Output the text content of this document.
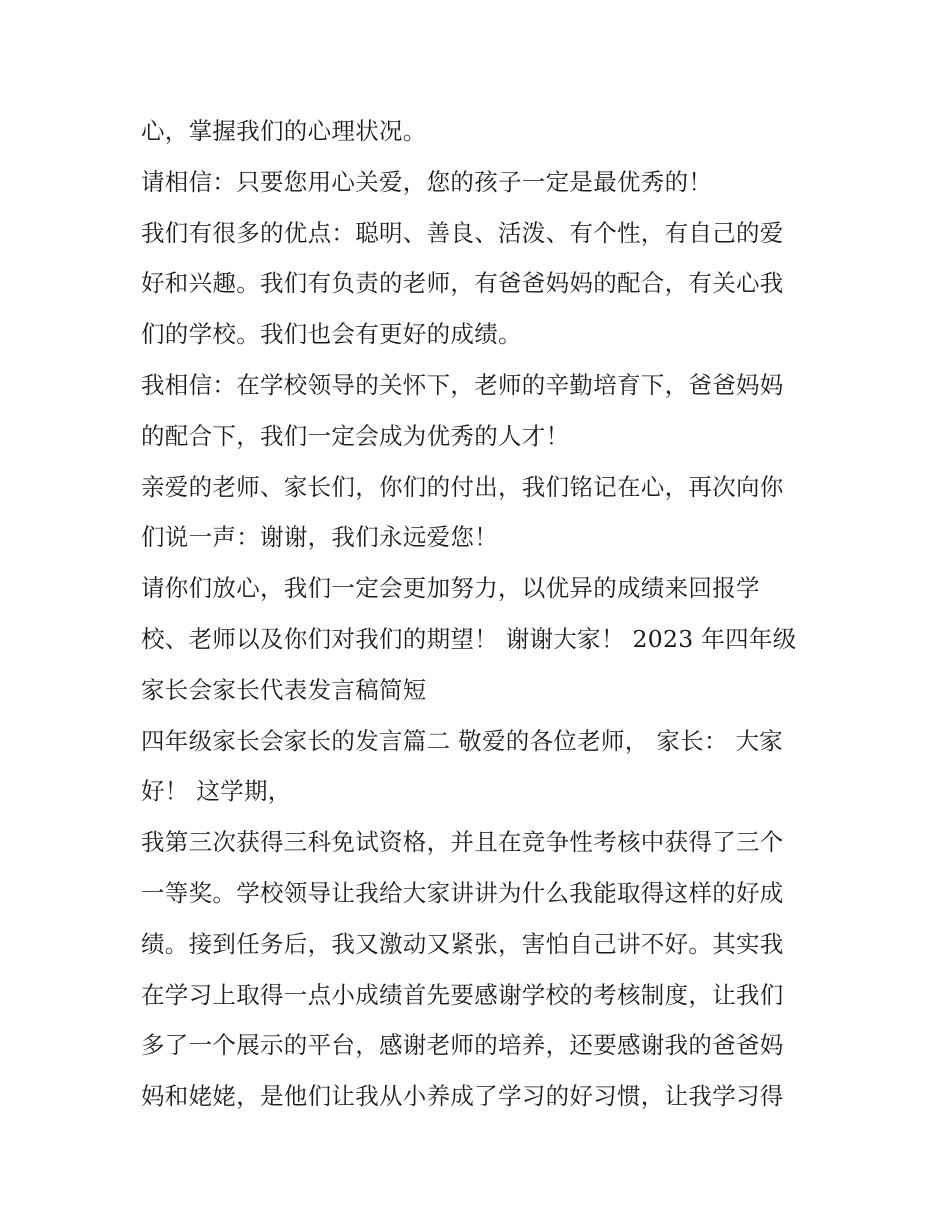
心，掌握我们的心理状况。
请相信：只要您用心关爱，您的孩子一定是最优秀的！
我们有很多的优点：聪明、善良、活泼、有个性，有自己的爱
好和兴趣。我们有负责的老师，有爸爸妈妈的配合，有关心我
们的学校。我们也会有更好的成绩。
我相信：在学校领导的关怀下，老师的辛勤培育下，爸爸妈妈
的配合下，我们一定会成为优秀的人才！
亲爱的老师、家长们，你们的付出，我们铭记在心，再次向你
们说一声：谢谢，我们永远爱您！
请你们放心，我们一定会更加努力，以优异的成绩来回报学
校、老师以及你们对我们的期望！ 谢谢大家！ 2023 年四年级
家长会家长代表发言稿简短
四年级家长会家长的发言篇二 敬爱的各位老师， 家长： 大家
好！ 这学期，
我第三次获得三科免试资格，并且在竞争性考核中获得了三个
一等奖。学校领导让我给大家讲讲为什么我能取得这样的好成
绩。接到任务后，我又激动又紧张，害怕自己讲不好。其实我
在学习上取得一点小成绩首先要感谢学校的考核制度，让我们
多了一个展示的平台，感谢老师的培养，还要感谢我的爸爸妈
妈和姥姥，是他们让我从小养成了学习的好习惯，让我学习得
